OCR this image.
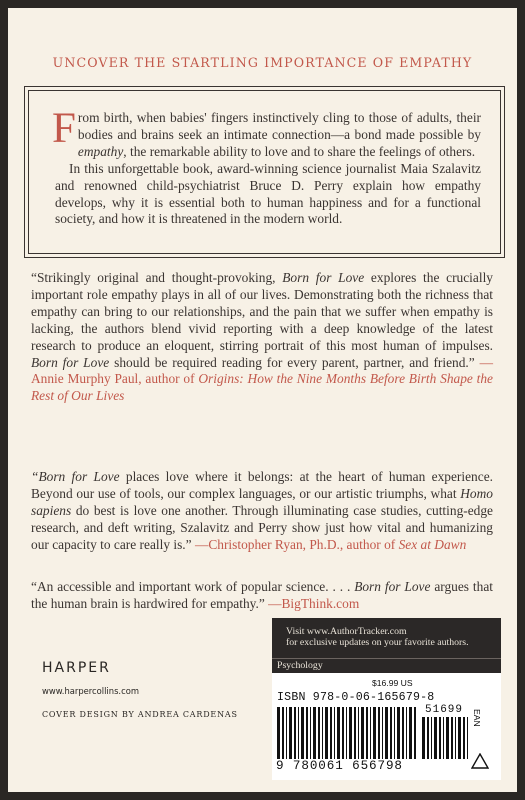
UNCOVER THE STARTLING IMPORTANCE OF EMPATHY

From birth, when babies' fingers instinctively cling to those of adults, their bodies and brains seek an intimate connection—a bond made possible by empathy, the remarkable ability to love and to share the feelings of others.

In this unforgettable book, award-winning science journalist Maia Szalavitz and renowned child-psychiatrist Bruce D. Perry explain how empathy develops, why it is essential both to human happiness and for a functional society, and how it is threatened in the modern world.

“Strikingly original and thought-provoking, Born for Love explores the crucially important role empathy plays in all of our lives. Demonstrating both the richness that empathy can bring to our relationships, and the pain that we suffer when empathy is lacking, the authors blend vivid reporting with a deep knowledge of the latest research to produce an eloquent, stirring portrait of this most human of impulses. Born for Love should be required reading for every parent, partner, and friend.” —Annie Murphy Paul, author of Origins: How the Nine Months Before Birth Shape the Rest of Our Lives
“Born for Love places love where it belongs: at the heart of human experience. Beyond our use of tools, our complex languages, or our artistic triumphs, what Homo sapiens do best is love one another. Through illuminating case studies, cutting-edge research, and deft writing, Szalavitz and Perry show just how vital and humanizing our capacity to care really is.” —Christopher Ryan, Ph.D., author of Sex at Dawn
“An accessible and important work of popular science. . . . Born for Love argues that the human brain is hardwired for empathy.” —BigThink.com
HARPER
www.harpercollins.com
COVER DESIGN BY ANDREA CARDENAS
Visit www.AuthorTracker.com
for exclusive updates on your favorite authors.
Psychology
$16.99 US
ISBN 978-0-06-165679-8
51699
9 780061 656798
EAN
